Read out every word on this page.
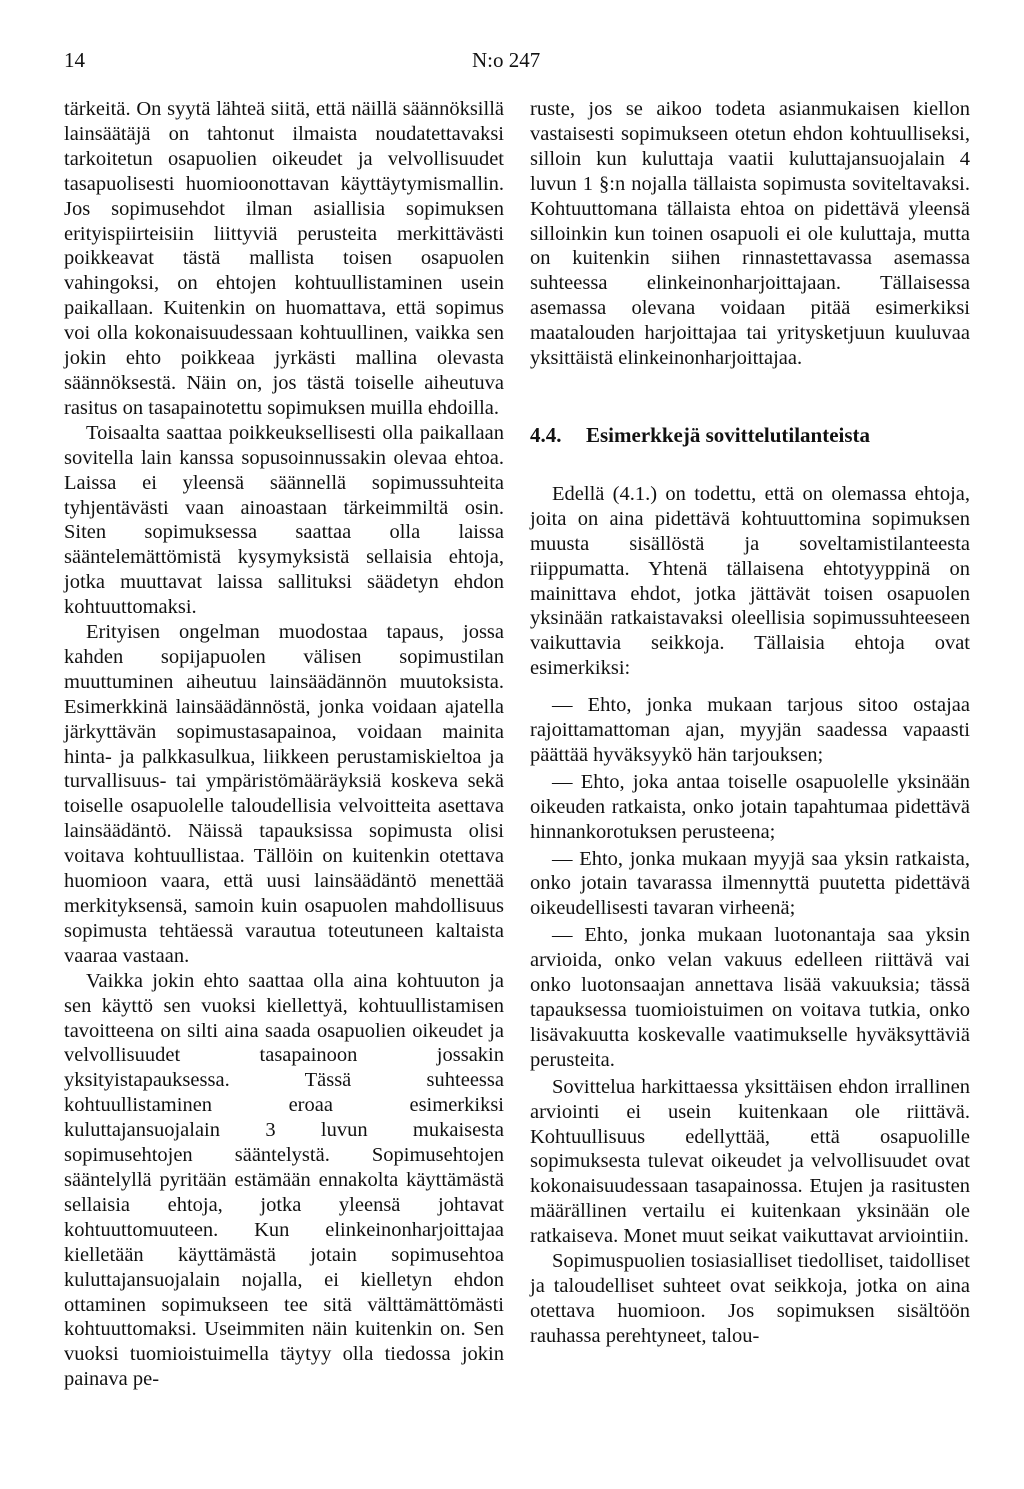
14	N:o 247

tärkeitä. On syytä lähteä siitä, että näillä säännöksillä lainsäätäjä on tahtonut ilmaista noudatettavaksi tarkoitetun osapuolien oikeudet ja velvollisuudet tasapuolisesti huomioonottavan käyttäytymismallin. Jos sopimusehdot ilman asiallisia sopimuksen erityispiirteisiin liittyviä perusteita merkittävästi poikkeavat tästä mallista toisen osapuolen vahingoksi, on ehtojen kohtuullistaminen usein paikallaan. Kuitenkin on huomattava, että sopimus voi olla kokonaisuudessaan kohtuullinen, vaikka sen jokin ehto poikkeaa jyrkästi mallina olevasta säännöksestä. Näin on, jos tästä toiselle aiheutuva rasitus on tasapainotettu sopimuksen muilla ehdoilla.

Toisaalta saattaa poikkeuksellisesti olla paikallaan sovitella lain kanssa sopusoinnussakin olevaa ehtoa. Laissa ei yleensä säännellä sopimussuhteita tyhjentävästi vaan ainoastaan tärkeimmiltä osin. Siten sopimuksessa saattaa olla laissa sääntelemättömistä kysymyksistä sellaisia ehtoja, jotka muuttavat laissa sallituksi säädetyn ehdon kohtuuttomaksi.

Erityisen ongelman muodostaa tapaus, jossa kahden sopijapuolen välisen sopimustilan muuttuminen aiheutuu lainsäädännön muutoksista. Esimerkkinä lainsäädännöstä, jonka voidaan ajatella järkyttävän sopimustasapainoa, voidaan mainita hinta- ja palkkasulkua, liikkeen perustamiskieltoa ja turvallisuus- tai ympäristömääräyksiä koskeva sekä toiselle osapuolelle taloudellisia velvoitteita asettava lainsäädäntö. Näissä tapauksissa sopimusta olisi voitava kohtuullistaa. Tällöin on kuitenkin otettava huomioon vaara, että uusi lainsäädäntö menettää merkityksensä, samoin kuin osapuolen mahdollisuus sopimusta tehtäessä varautua toteutuneen kaltaista vaaraa vastaan.

Vaikka jokin ehto saattaa olla aina kohtuuton ja sen käyttö sen vuoksi kiellettyä, kohtuullistamisen tavoitteena on silti aina saada osapuolien oikeudet ja velvollisuudet tasapainoon jossakin yksityistapauksessa. Tässä suhteessa kohtuullistaminen eroaa esimerkiksi kuluttajansuojalain 3 luvun mukaisesta sopimusehtojen sääntelystä. Sopimusehtojen sääntelyllä pyritään estämään ennakolta käyttämästä sellaisia ehtoja, jotka yleensä johtavat kohtuuttomuuteen. Kun elinkeinonharjoittajaa kielletään käyttämästä jotain sopimusehtoa kuluttajansuojalain nojalla, ei kielletyn ehdon ottaminen sopimukseen tee sitä välttämättömästi kohtuuttomaksi. Useimmiten näin kuitenkin on. Sen vuoksi tuomioistuimella täytyy olla tiedossa jokin painava pe-

ruste, jos se aikoo todeta asianmukaisen kiellon vastaisesti sopimukseen otetun ehdon kohtuulliseksi, silloin kun kuluttaja vaatii kuluttajansuojalain 4 luvun 1 §:n nojalla tällaista sopimusta soviteltavaksi. Kohtuuttomana tällaista ehtoa on pidettävä yleensä silloinkin kun toinen osapuoli ei ole kuluttaja, mutta on kuitenkin siihen rinnastettavassa asemassa suhteessa elinkeinonharjoittajaan. Tällaisessa asemassa olevana voidaan pitää esimerkiksi maatalouden harjoittajaa tai yritysketjuun kuuluvaa yksittäistä elinkeinonharjoittajaa.

4.4. Esimerkkejä sovittelutilanteista

Edellä (4.1.) on todettu, että on olemassa ehtoja, joita on aina pidettävä kohtuuttomina sopimuksen muusta sisällöstä ja soveltamistilanteesta riippumatta. Yhtenä tällaisena ehtotyyppinä on mainittava ehdot, jotka jättävät toisen osapuolen yksinään ratkaistavaksi oleellisia sopimussuhteeseen vaikuttavia seikkoja. Tällaisia ehtoja ovat esimerkiksi:

— Ehto, jonka mukaan tarjous sitoo ostajaa rajoittamattoman ajan, myyjän saadessa vapaasti päättää hyväksyykö hän tarjouksen;

— Ehto, joka antaa toiselle osapuolelle yksinään oikeuden ratkaista, onko jotain tapahtumaa pidettävä hinnankorotuksen perusteena;

— Ehto, jonka mukaan myyjä saa yksin ratkaista, onko jotain tavarassa ilmennyttä puutetta pidettävä oikeudellisesti tavaran virheenä;

— Ehto, jonka mukaan luotonantaja saa yksin arvioida, onko velan vakuus edelleen riittävä vai onko luotonsaajan annettava lisää vakuuksia; tässä tapauksessa tuomioistuimen on voitava tutkia, onko lisävakuutta koskevalle vaatimukselle hyväksyttäviä perusteita.

Sovittelua harkittaessa yksittäisen ehdon irrallinen arviointi ei usein kuitenkaan ole riittävä. Kohtuullisuus edellyttää, että osapuolille sopimuksesta tulevat oikeudet ja velvollisuudet ovat kokonaisuudessaan tasapainossa. Etujen ja rasitusten määrällinen vertailu ei kuitenkaan yksinään ole ratkaiseva. Monet muut seikat vaikuttavat arviointiin.

Sopimuspuolien tosiasialliset tiedolliset, taidolliset ja taloudelliset suhteet ovat seikkoja, jotka on aina otettava huomioon. Jos sopimuksen sisältöön rauhassa perehtyneet, talou-
